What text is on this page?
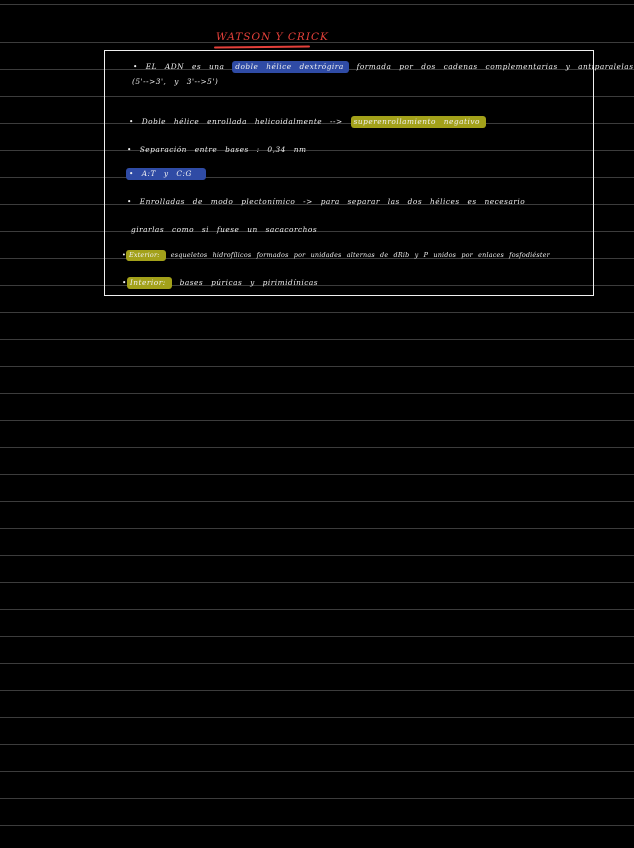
WATSON Y CRICK
• EL ADN es una doble hélice dextrógira formada por dos cadenas complementarias y antiparalelas
(5'-->3', y 3'-->5')
• Doble hélice enrollada helicoidalmente --> superenrollamiento negativo
• Separación entre bases : 0,34 nm
• A:T y C:G
• Enrolladas de modo plectonímico -> para separar las dos hélices es necesario
girarlas como si fuese un sacacorchos
• Exterior: esqueletos hidrofílicos formados por unidades alternas de dRib y P unidos por enlaces fosfodiéster
• Interior: bases púricas y pirimidínicas
